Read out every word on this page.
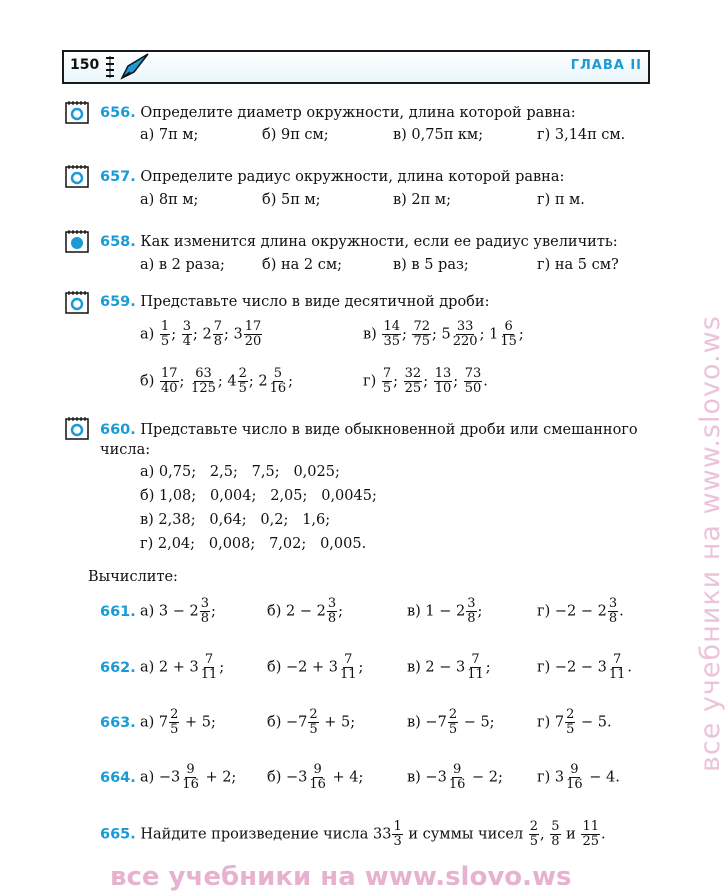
150	ГЛАВА II
656. Определите диаметр окружности, длина которой равна:
а) 7π м;	б) 9π см;	в) 0,75π км;	г) 3,14π см.
657. Определите радиус окружности, длина которой равна:
а) 8π м;	б) 5π м;	в) 2π м;	г) π м.
658. Как изменится длина окружности, если ее радиус увеличить:
а) в 2 раза;	б) на 2 см;	в) в 5 раз;	г) на 5 см?
659. Представьте число в виде десятичной дроби:
$а) \frac{1}{5}$ ; $\frac{3}{4}$ ; $2 \frac{7}{8}$ ; $3 \frac{17}{20}$	$в) \frac{14}{35}$ ; $\frac{72}{75}$ ; $5 \frac{33}{220}$ ; $1 \frac{6}{15}$ ;
$б) \frac{17}{40}$ ; $\frac{63}{125}$ ; $4 \frac{2}{5}$ ; $2 \frac{5}{16}$ ;	$г) \frac{7}{5}$ ; $\frac{32}{25}$ ; $\frac{13}{10}$ ; $\frac{73}{50}$ .
660. Представьте число в виде обыкновенной дроби или смешанного
числа:
а) 0,75;   2,5;   7,5;   0,025;
б) 1,08;   0,004;   2,05;   0,0045;
в) 2,38;   0,64;   0,2;   1,6;
г) 2,04;   0,008;   7,02;   0,005.
Вычислите:
661. а) $3 - 2 \frac{3}{8}$ ;	б) $2 - 2 \frac{3}{8}$ ;	в) $1 - 2 \frac{3}{8}$ ;	$г) -2 - 2 \frac{3}{8}$ .
662. а) $2 + 3 \frac{7}{11}$ ;	$б) -2 + 3 \frac{7}{11}$ ;	в) $2 - 3 \frac{7}{11}$ ;	$г) -2 - 3 \frac{7}{11}$ .
663. а) $7 \frac{2}{5} + 5$;	$б) -7 \frac{2}{5} + 5$;	$в) -7 \frac{2}{5} - 5$;	г) $7 \frac{2}{5} - 5$.
664. $а) -3 \frac{9}{16} + 2$; $б) -3 \frac{9}{16} + 4$;	$в) -3 \frac{9}{16} - 2$; г) $3 \frac{9}{16} - 4$.
665. Найдите произведение числа $33 \frac{1}{3}$ и суммы чисел $\frac{2}{5}$ , $\frac{5}{8}$ и $\frac{11}{25}$ .
все учебники на www.slovo.ws
все учебники на www.slovo.ws
